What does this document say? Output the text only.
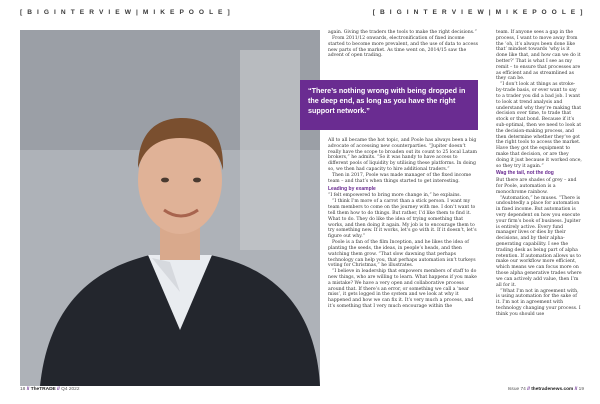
[ B I G I N T E R V I E W | M I K E P O O L E ]	[ B I G I N T E R V I E W | M I K E P O O L E ]
“There’s nothing wrong with being dropped in the deep end, as long as you have the right support network.”

again. Giving the traders the tools to make the right decisions.”

From 2011/12 onwards, electronification of fixed income started to become more prevalent, and the use of data to access new parts of the market. As time went on, 2014/15 saw the advent of open trading.

All to all became the hot topic, and Poole has always been a big advocate of accessing new counterparties. “Jupiter doesn’t really have the scope to broaden out its count to 25 local Latam brokers,” he admits. “So it was handy to have access to different pools of liquidity by utilising these platforms. In doing so, we then had capacity to hire additional traders.”

Then in 2017, Poole was made manager of the fixed income team – and that’s when things started to get interesting.

Leading by example

“I felt empowered to bring more change in,” he explains.

“I think I’m more of a carrot than a stick person. I want my team members to come on the journey with me. I don’t want to tell them how to do things. But rather, I’d like them to find it. What to do. They do like the idea of trying something that works, and then doing it again. My job is to encourage them to try something new. If it works, let’s go with it. If it doesn’t, let’s figure out why.”

Poole is a fan of the film Inception, and he likes the idea of planting the seeds, the ideas, in people’s heads, and then watching them grow. “That slow dawning that perhaps technology can help you, that perhaps automation isn’t turkeys voting for Christmas,” he illustrates.

“I believe in leadership that empowers members of staff to do new things, who are willing to learn. What happens if you make a mistake? We have a very open and collaborative process around that. If there’s an error, or something we call a ‘near miss’, it gets logged in the system and we look at why it happened and how we can fix it. It’s very much a process, and it’s something that I very much encourage within the

team. If anyone sees a gap in the process, I want to move away from the ‘oh, it’s always been done like that’ mindset towards ‘why is it done like that, and how can we do it better?’ That is what I see as my remit – to ensure that processes are as efficient and as streamlined as they can be.

“I don’t look at things as stroke-by-trade basis, or ever want to say to a trader you did a bad job. I want to look at trend analysis and understand why they’re making that decision over time, to trade that stock or that bond. Because if it’s sub-optimal, then we need to look at the decision-making process, and then determine whether they’ve got the right tools to access the market. Have they got the equipment to make that decision, or are they doing it just because it worked once, so they try it again.”

Wag the tail, not the dog

But there are shades of grey – and for Poole, automation is a monochrome rainbow.

“Automation,” he muses. “There is undoubtedly a place for automation in fixed income. But automation is very dependent on how you execute your firm’s book of business. Jupiter is entirely active. Every fund manager lives or dies by their decisions, and by their alpha-generating capability. I see the trading desk as being part of alpha retention. If automation allows us to make our workflow more efficient, which means we can focus more on those alpha generative trades where we can actively add value, then I’m all for it.

“What I’m not in agreement with, is using automation for the sake of it. I’m not in agreement with technology changing your process. I think you should use

18 // TheTRADE // Q4 2022	Issue 74 // thetradenews.com // 19
